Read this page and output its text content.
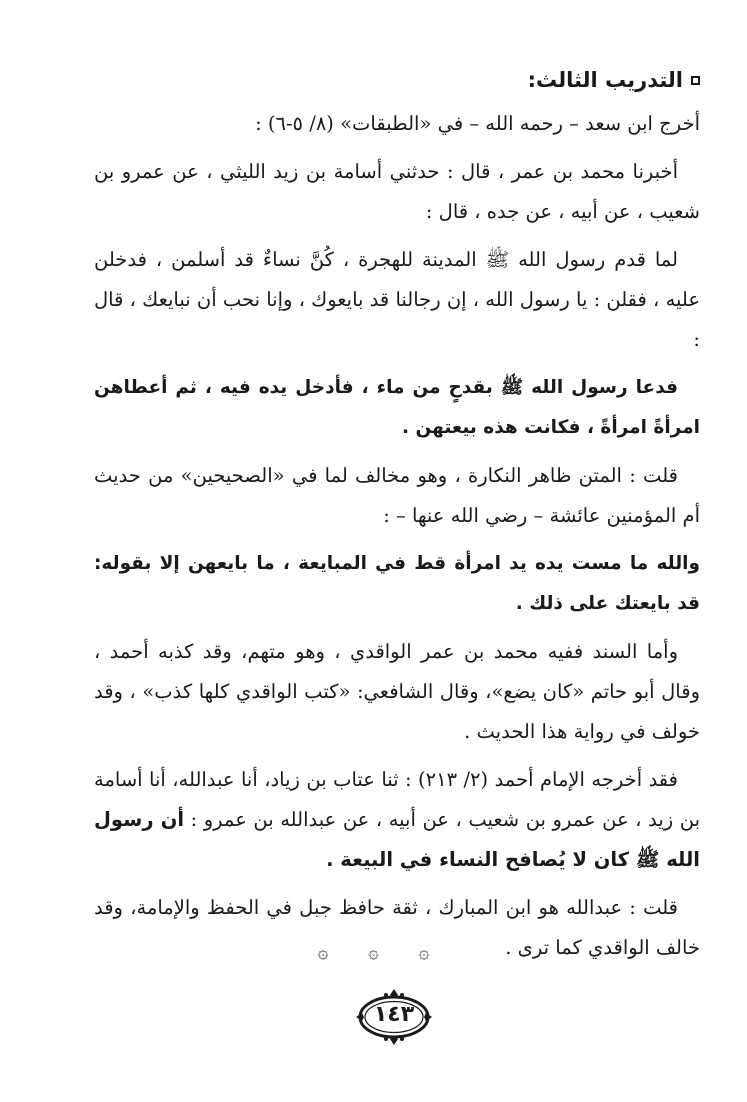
التدريب الثالث:

أخرج ابن سعد – رحمه الله – في «الطبقات» (٨/ ٥-٦) :

أخبرنا محمد بن عمر ، قال : حدثني أسامة بن زيد الليثي ، عن عمرو بن شعيب ، عن أبيه ، عن جده ، قال :

لما قدم رسول الله ﷺ المدينة للهجرة ، كُنَّ نساءٌ قد أسلمن ، فدخلن عليه ، فقلن : يا رسول الله ، إن رجالنا قد بايعوك ، وإنا نحب أن نبايعك ، قال :

فدعا رسول الله ﷺ بقدحٍ من ماء ، فأدخل يده فيه ، ثم أعطاهن امرأةً امرأةً ، فكانت هذه بيعتهن .

قلت : المتن ظاهر النكارة ، وهو مخالف لما في «الصحيحين» من حديث أم المؤمنين عائشة – رضي الله عنها – :

والله ما مست يده يد امرأة قط في المبايعة ، ما بايعهن إلا بقوله: قد بايعتك على ذلك .

وأما السند ففيه محمد بن عمر الواقدي ، وهو متهم، وقد كذبه أحمد ، وقال أبو حاتم «كان يضع»، وقال الشافعي: «كتب الواقدي كلها كذب» ، وقد خولف في رواية هذا الحديث .

فقد أخرجه الإمام أحمد (٢/ ٢١٣) : ثنا عتاب بن زياد، أنا عبدالله، أنا أسامة بن زيد ، عن عمرو بن شعيب ، عن أبيه ، عن عبدالله بن عمرو : أن رسول الله ﷺ كان لا يُصافح النساء في البيعة .

قلت : عبدالله هو ابن المبارك ، ثقة حافظ جبل في الحفظ والإمامة، وقد خالف الواقدي كما ترى .

۞
۞
۞
١٤٣
